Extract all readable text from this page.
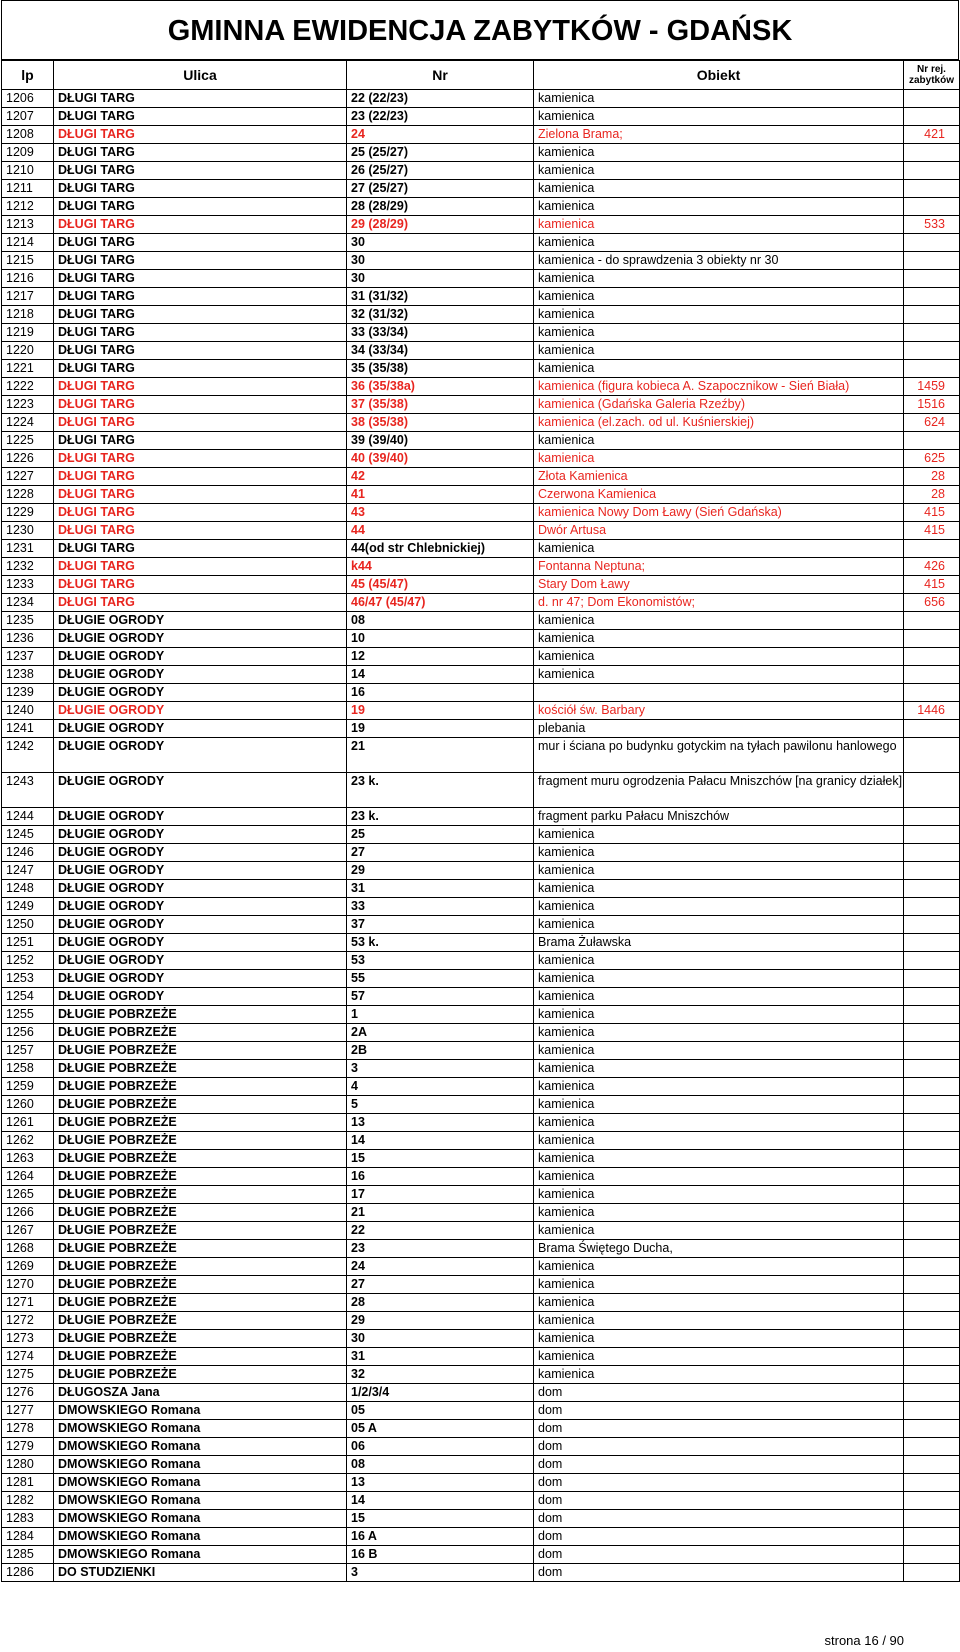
GMINNA EWIDENCJA ZABYTKÓW - GDAŃSK
lp	Ulica	Nr	Obiekt	Nr rej.
zabytków
1206	DŁUGI TARG	22 (22/23)	kamienica	
1207	DŁUGI TARG	23 (22/23)	kamienica	
1208	DŁUGI TARG	24	Zielona Brama;	421
1209	DŁUGI TARG	25 (25/27)	kamienica	
1210	DŁUGI TARG	26 (25/27)	kamienica	
1211	DŁUGI TARG	27 (25/27)	kamienica	
1212	DŁUGI TARG	28 (28/29)	kamienica	
1213	DŁUGI TARG	29 (28/29)	kamienica	533
1214	DŁUGI TARG	30	kamienica	
1215	DŁUGI TARG	30	kamienica - do sprawdzenia 3 obiekty nr 30	
1216	DŁUGI TARG	30	kamienica	
1217	DŁUGI TARG	31 (31/32)	kamienica	
1218	DŁUGI TARG	32 (31/32)	kamienica	
1219	DŁUGI TARG	33 (33/34)	kamienica	
1220	DŁUGI TARG	34 (33/34)	kamienica	
1221	DŁUGI TARG	35 (35/38)	kamienica	
1222	DŁUGI TARG	36 (35/38a)	kamienica (figura kobieca A. Szapocznikow - Sień Biała)	1459
1223	DŁUGI TARG	37 (35/38)	kamienica (Gdańska Galeria Rzeźby)	1516
1224	DŁUGI TARG	38 (35/38)	kamienica (el.zach. od ul. Kuśnierskiej)	624
1225	DŁUGI TARG	39 (39/40)	kamienica	
1226	DŁUGI TARG	40 (39/40)	kamienica	625
1227	DŁUGI TARG	42	Złota Kamienica	28
1228	DŁUGI TARG	41	Czerwona Kamienica	28
1229	DŁUGI TARG	43	kamienica Nowy Dom Ławy (Sień Gdańska)	415
1230	DŁUGI TARG	44	Dwór Artusa	415
1231	DŁUGI TARG	44(od str Chlebnickiej)	kamienica	
1232	DŁUGI TARG	k44	Fontanna Neptuna;	426
1233	DŁUGI TARG	45 (45/47)	Stary Dom Ławy	415
1234	DŁUGI TARG	46/47 (45/47)	d. nr 47; Dom Ekonomistów;	656
1235	DŁUGIE OGRODY	08	kamienica	
1236	DŁUGIE OGRODY	10	kamienica	
1237	DŁUGIE OGRODY	12	kamienica	
1238	DŁUGIE OGRODY	14	kamienica	
1239	DŁUGIE OGRODY	16		
1240	DŁUGIE OGRODY	19	kościół św. Barbary	1446
1241	DŁUGIE OGRODY	19	plebania	
1242	DŁUGIE OGRODY	21	mur i ściana po budynku gotyckim na tyłach pawilonu hanlowego	
1243	DŁUGIE OGRODY	23 k.	fragment muru ogrodzenia Pałacu Mniszchów [na granicy działek]	
1244	DŁUGIE OGRODY	23 k.	fragment parku Pałacu Mniszchów	
1245	DŁUGIE OGRODY	25	kamienica	
1246	DŁUGIE OGRODY	27	kamienica	
1247	DŁUGIE OGRODY	29	kamienica	
1248	DŁUGIE OGRODY	31	kamienica	
1249	DŁUGIE OGRODY	33	kamienica	
1250	DŁUGIE OGRODY	37	kamienica	
1251	DŁUGIE OGRODY	53 k.	Brama Żuławska	
1252	DŁUGIE OGRODY	53	kamienica	
1253	DŁUGIE OGRODY	55	kamienica	
1254	DŁUGIE OGRODY	57	kamienica	
1255	DŁUGIE POBRZEŻE	1	kamienica	
1256	DŁUGIE POBRZEŻE	2A	kamienica	
1257	DŁUGIE POBRZEŻE	2B	kamienica	
1258	DŁUGIE POBRZEŻE	3	kamienica	
1259	DŁUGIE POBRZEŻE	4	kamienica	
1260	DŁUGIE POBRZEŻE	5	kamienica	
1261	DŁUGIE POBRZEŻE	13	kamienica	
1262	DŁUGIE POBRZEŻE	14	kamienica	
1263	DŁUGIE POBRZEŻE	15	kamienica	
1264	DŁUGIE POBRZEŻE	16	kamienica	
1265	DŁUGIE POBRZEŻE	17	kamienica	
1266	DŁUGIE POBRZEŻE	21	kamienica	
1267	DŁUGIE POBRZEŻE	22	kamienica	
1268	DŁUGIE POBRZEŻE	23	Brama Świętego Ducha,	
1269	DŁUGIE POBRZEŻE	24	kamienica	
1270	DŁUGIE POBRZEŻE	27	kamienica	
1271	DŁUGIE POBRZEŻE	28	kamienica	
1272	DŁUGIE POBRZEŻE	29	kamienica	
1273	DŁUGIE POBRZEŻE	30	kamienica	
1274	DŁUGIE POBRZEŻE	31	kamienica	
1275	DŁUGIE POBRZEŻE	32	kamienica	
1276	DŁUGOSZA Jana	1/2/3/4	dom	
1277	DMOWSKIEGO Romana	05	dom	
1278	DMOWSKIEGO Romana	05 A	dom	
1279	DMOWSKIEGO Romana	06	dom	
1280	DMOWSKIEGO Romana	08	dom	
1281	DMOWSKIEGO Romana	13	dom	
1282	DMOWSKIEGO Romana	14	dom	
1283	DMOWSKIEGO Romana	15	dom	
1284	DMOWSKIEGO Romana	16 A	dom	
1285	DMOWSKIEGO Romana	16 B	dom	
1286	DO STUDZIENKI	3	dom	
strona 16 / 90
